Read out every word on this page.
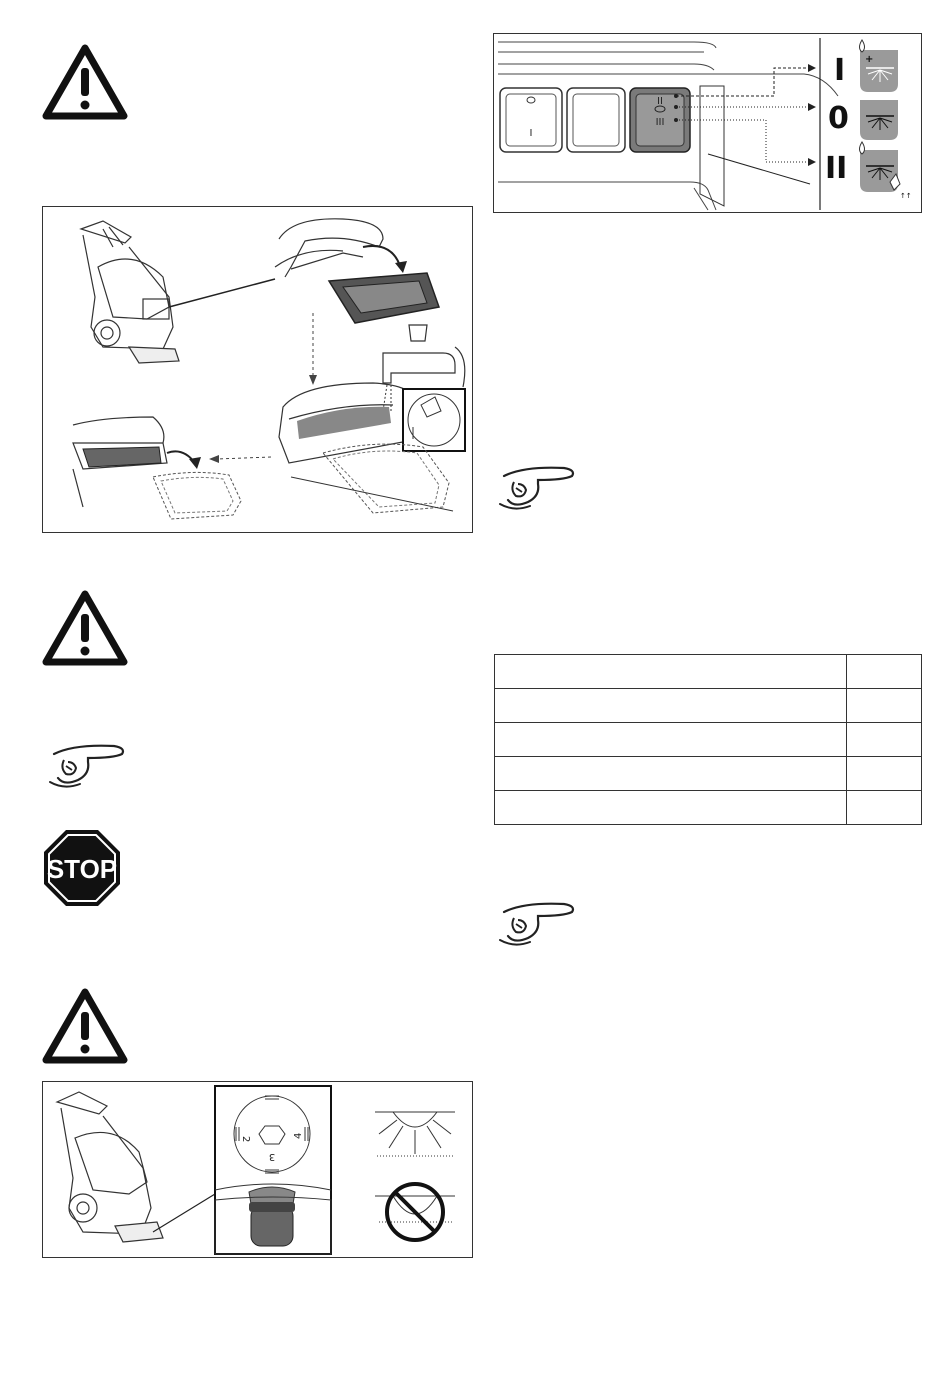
STOP
2
3
4
I
II
III
I
0
II
+
↑↑
